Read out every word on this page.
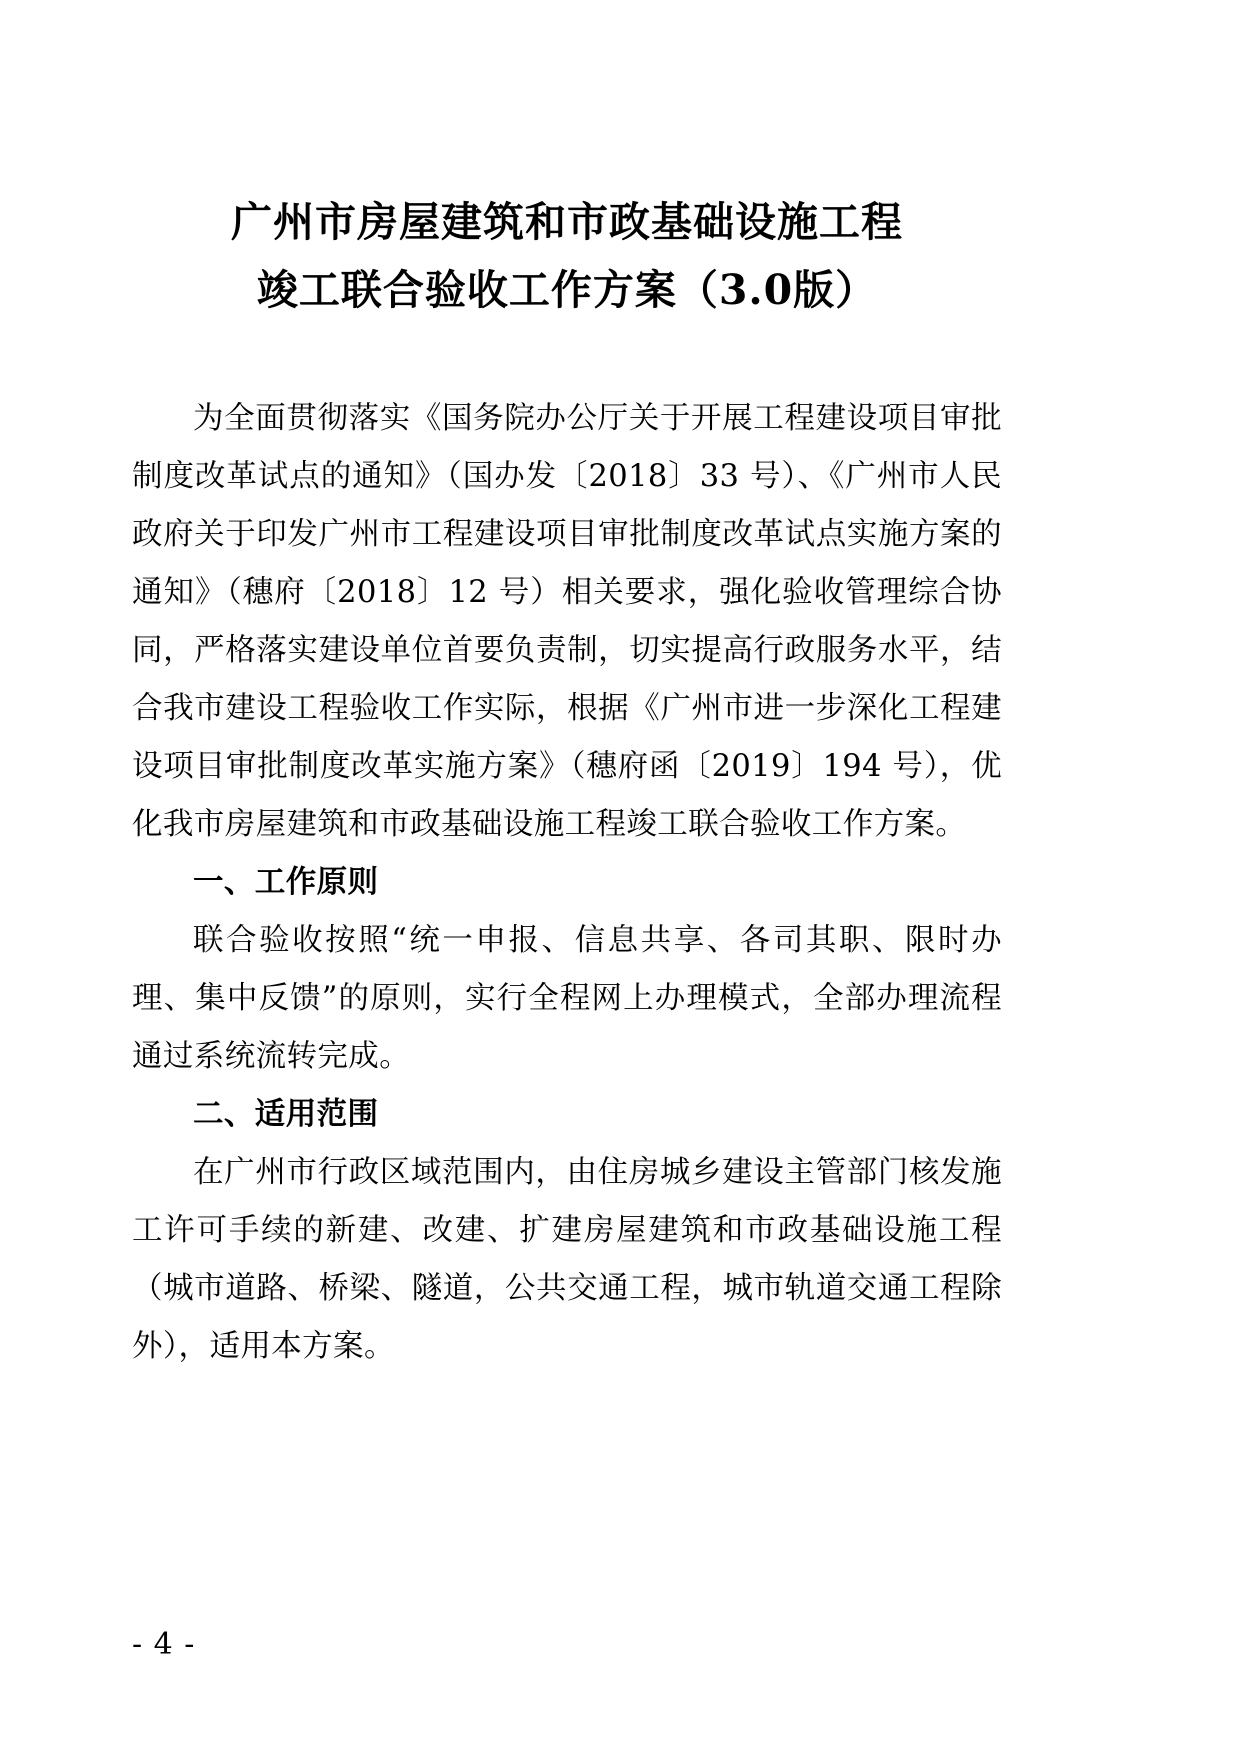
广州市房屋建筑和市政基础设施工程
竣工联合验收工作方案（3.0版）

为全面贯彻落实《国务院办公厅关于开展工程建设项目审批制度改革试点的通知》（国办发〔2018〕33 号）、《广州市人民政府关于印发广州市工程建设项目审批制度改革试点实施方案的通知》（穗府〔2018〕12 号）相关要求，强化验收管理综合协同，严格落实建设单位首要负责制，切实提高行政服务水平，结合我市建设工程验收工作实际，根据《广州市进一步深化工程建设项目审批制度改革实施方案》（穗府函〔2019〕194 号），优化我市房屋建筑和市政基础设施工程竣工联合验收工作方案。

一、工作原则

联合验收按照“统一申报、信息共享、各司其职、限时办理、集中反馈”的原则，实行全程网上办理模式，全部办理流程通过系统流转完成。

二、适用范围

在广州市行政区域范围内，由住房城乡建设主管部门核发施工许可手续的新建、改建、扩建房屋建筑和市政基础设施工程（城市道路、桥梁、隧道，公共交通工程，城市轨道交通工程除外），适用本方案。

- 4 -
